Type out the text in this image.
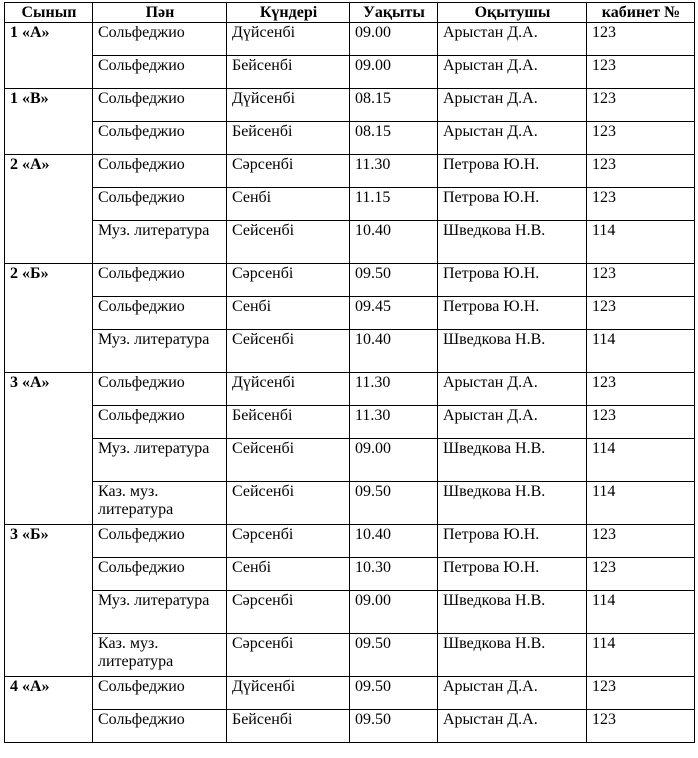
Сынып	Пән	Күндері	Уақыты	Оқытушы	кабинет №
1 «А»	Сольфеджио	Дүйсенбі	09.00	Арыстан Д.А.	123
	Сольфеджио	Бейсенбі	09.00	Арыстан Д.А.	123
1 «В»	Сольфеджио	Дүйсенбі	08.15	Арыстан Д.А.	123
	Сольфеджио	Бейсенбі	08.15	Арыстан Д.А.	123
2 «А»	Сольфеджио	Сәрсенбі	11.30	Петрова Ю.Н.	123
	Сольфеджио	Сенбі	11.15	Петрова Ю.Н.	123
	Муз. литература	Сейсенбі	10.40	Шведкова Н.В.	114
2 «Б»	Сольфеджио	Сәрсенбі	09.50	Петрова Ю.Н.	123
	Сольфеджио	Сенбі	09.45	Петрова Ю.Н.	123
	Муз. литература	Сейсенбі	10.40	Шведкова Н.В.	114
3 «А»	Сольфеджио	Дүйсенбі	11.30	Арыстан Д.А.	123
	Сольфеджио	Бейсенбі	11.30	Арыстан Д.А.	123
	Муз. литература	Сейсенбі	09.00	Шведкова Н.В.	114
	Каз. муз. литература	Сейсенбі	09.50	Шведкова Н.В.	114
3 «Б»	Сольфеджио	Сәрсенбі	10.40	Петрова Ю.Н.	123
	Сольфеджио	Сенбі	10.30	Петрова Ю.Н.	123
	Муз. литература	Сәрсенбі	09.00	Шведкова Н.В.	114
	Каз. муз. литература	Сәрсенбі	09.50	Шведкова Н.В.	114
4 «А»	Сольфеджио	Дүйсенбі	09.50	Арыстан Д.А.	123
	Сольфеджио	Бейсенбі	09.50	Арыстан Д.А.	123
